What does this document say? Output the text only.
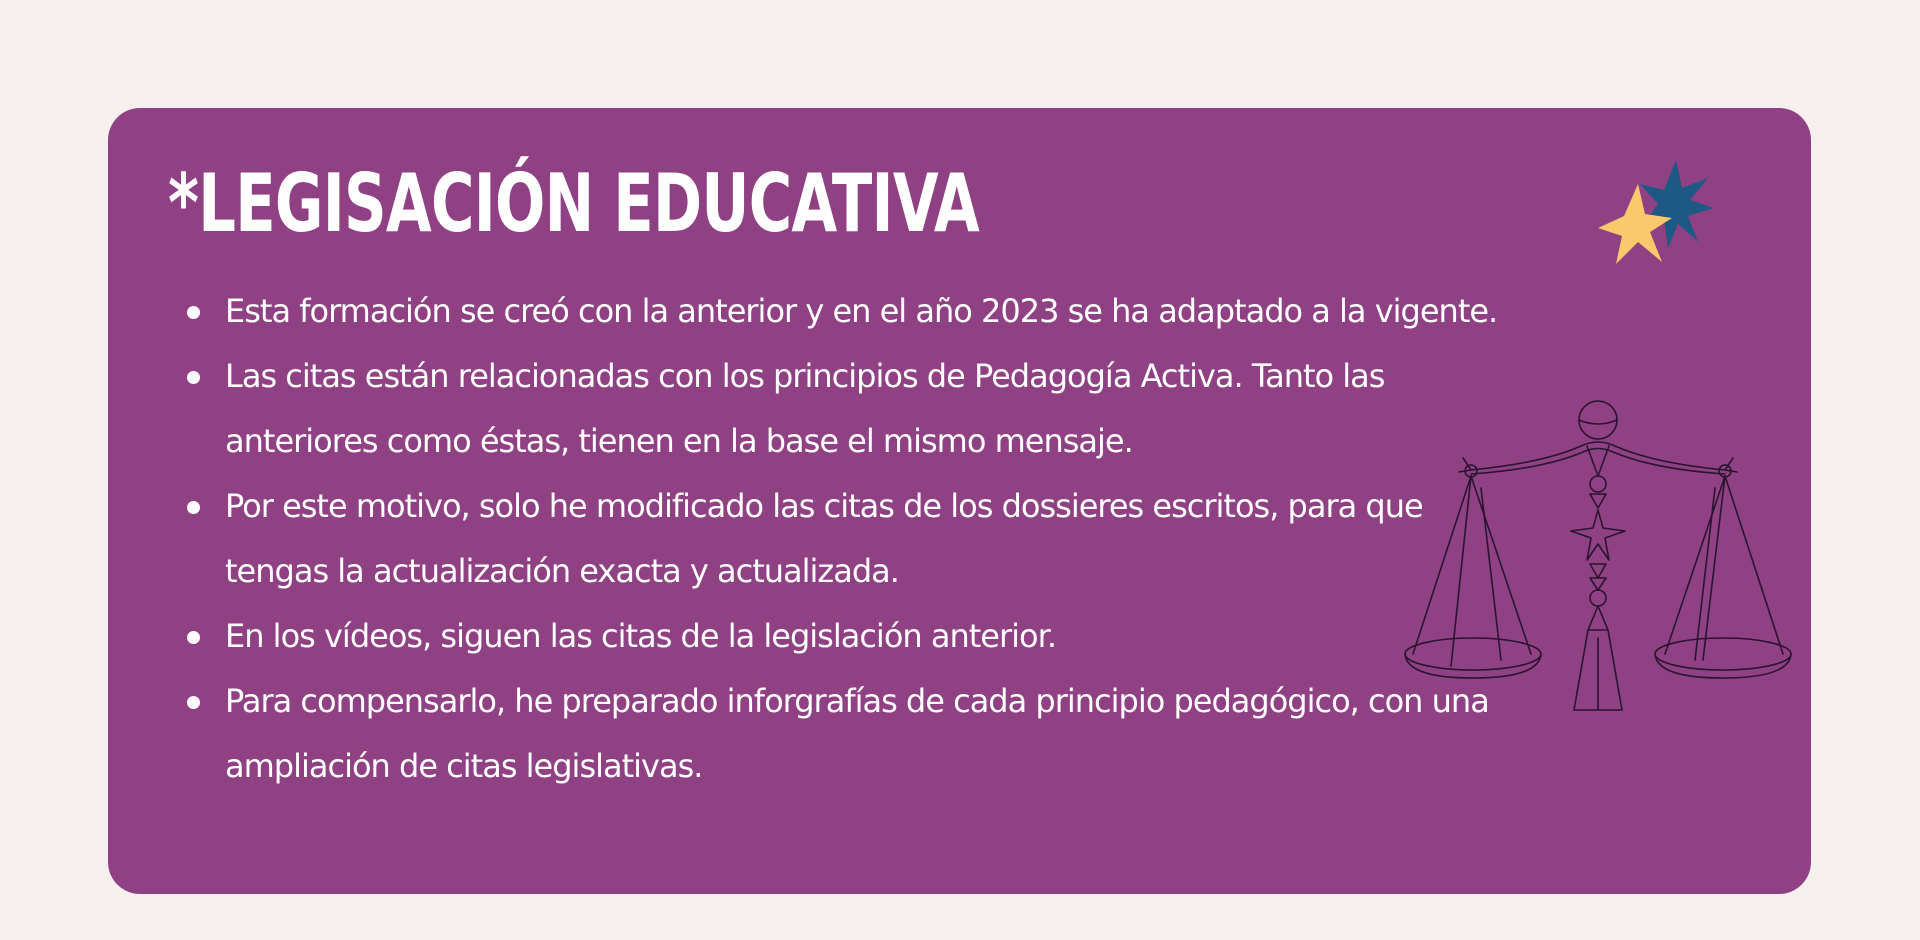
*LEGISACIÓN EDUCATIVA
Esta formación se creó con la anterior y en el año 2023 se ha adaptado a la vigente.
Las citas están relacionadas con los principios de Pedagogía Activa. Tanto las anteriores como éstas, tienen en la base el mismo mensaje.
Por este motivo, solo he modificado las citas de los dossieres escritos, para que tengas la actualización exacta y actualizada.
En los vídeos, siguen las citas de la legislación anterior.
Para compensarlo, he preparado inforgrafías de cada principio pedagógico, con una ampliación de citas legislativas.
